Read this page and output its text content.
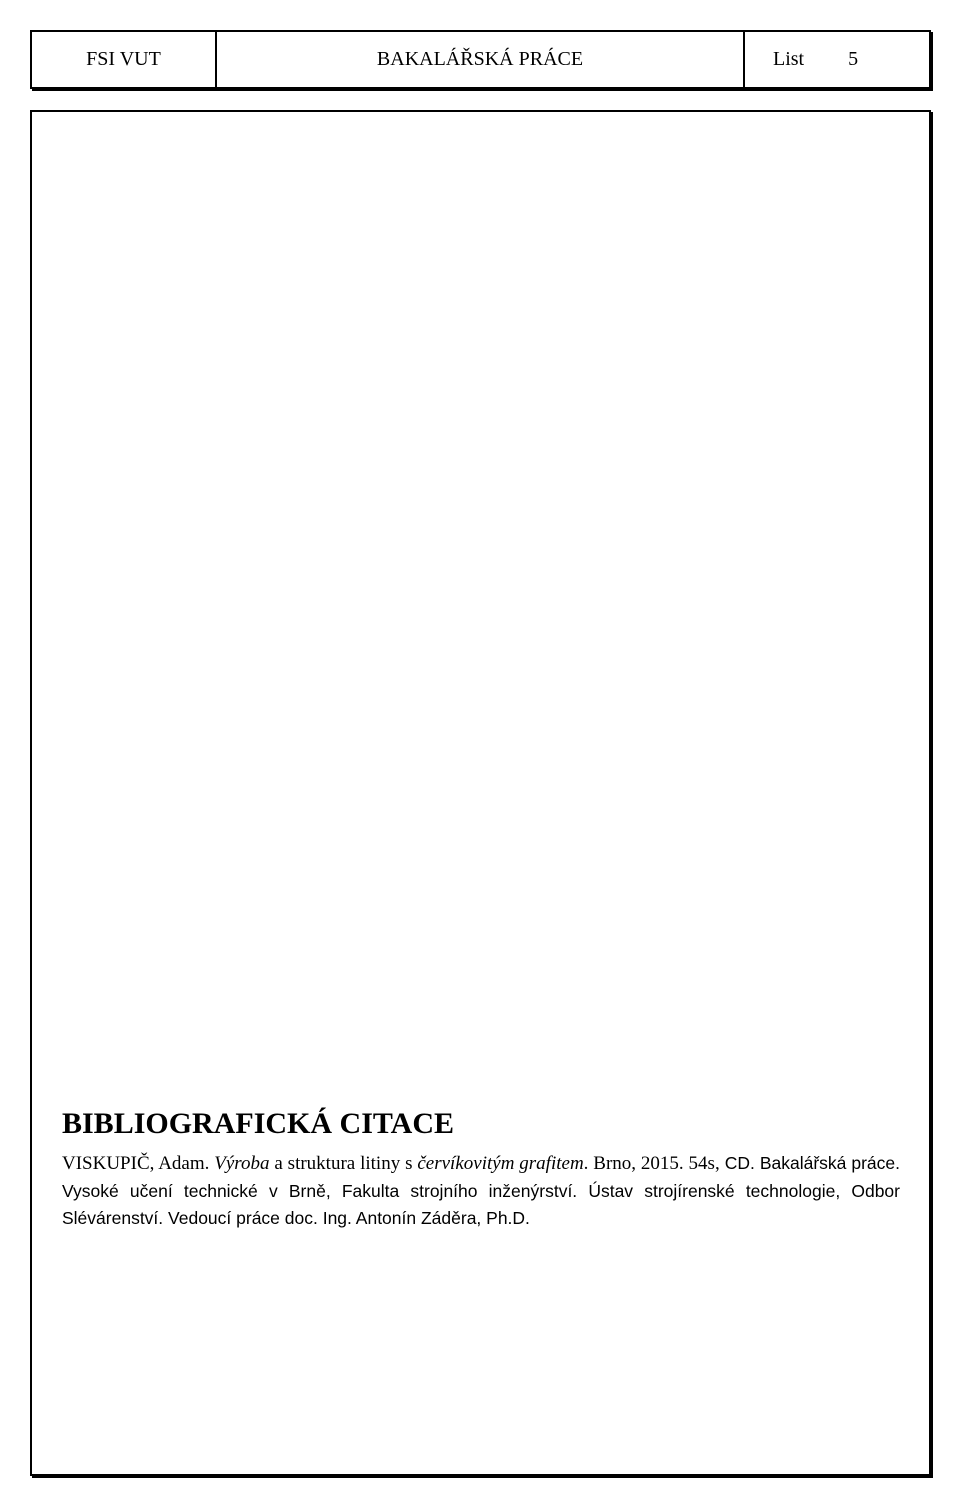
FSI VUT	BAKALÁŘSKÁ PRÁCE	List 5
BIBLIOGRAFICKÁ CITACE

VISKUPIČ, Adam. Výroba a struktura litiny s červíkovitým grafitem. Brno, 2015. 54s, CD. Bakalářská práce. Vysoké učení technické v Brně, Fakulta strojního inženýrství. Ústav strojírenské technologie, Odbor Slévárenství. Vedoucí práce doc. Ing. Antonín Záděra, Ph.D.
